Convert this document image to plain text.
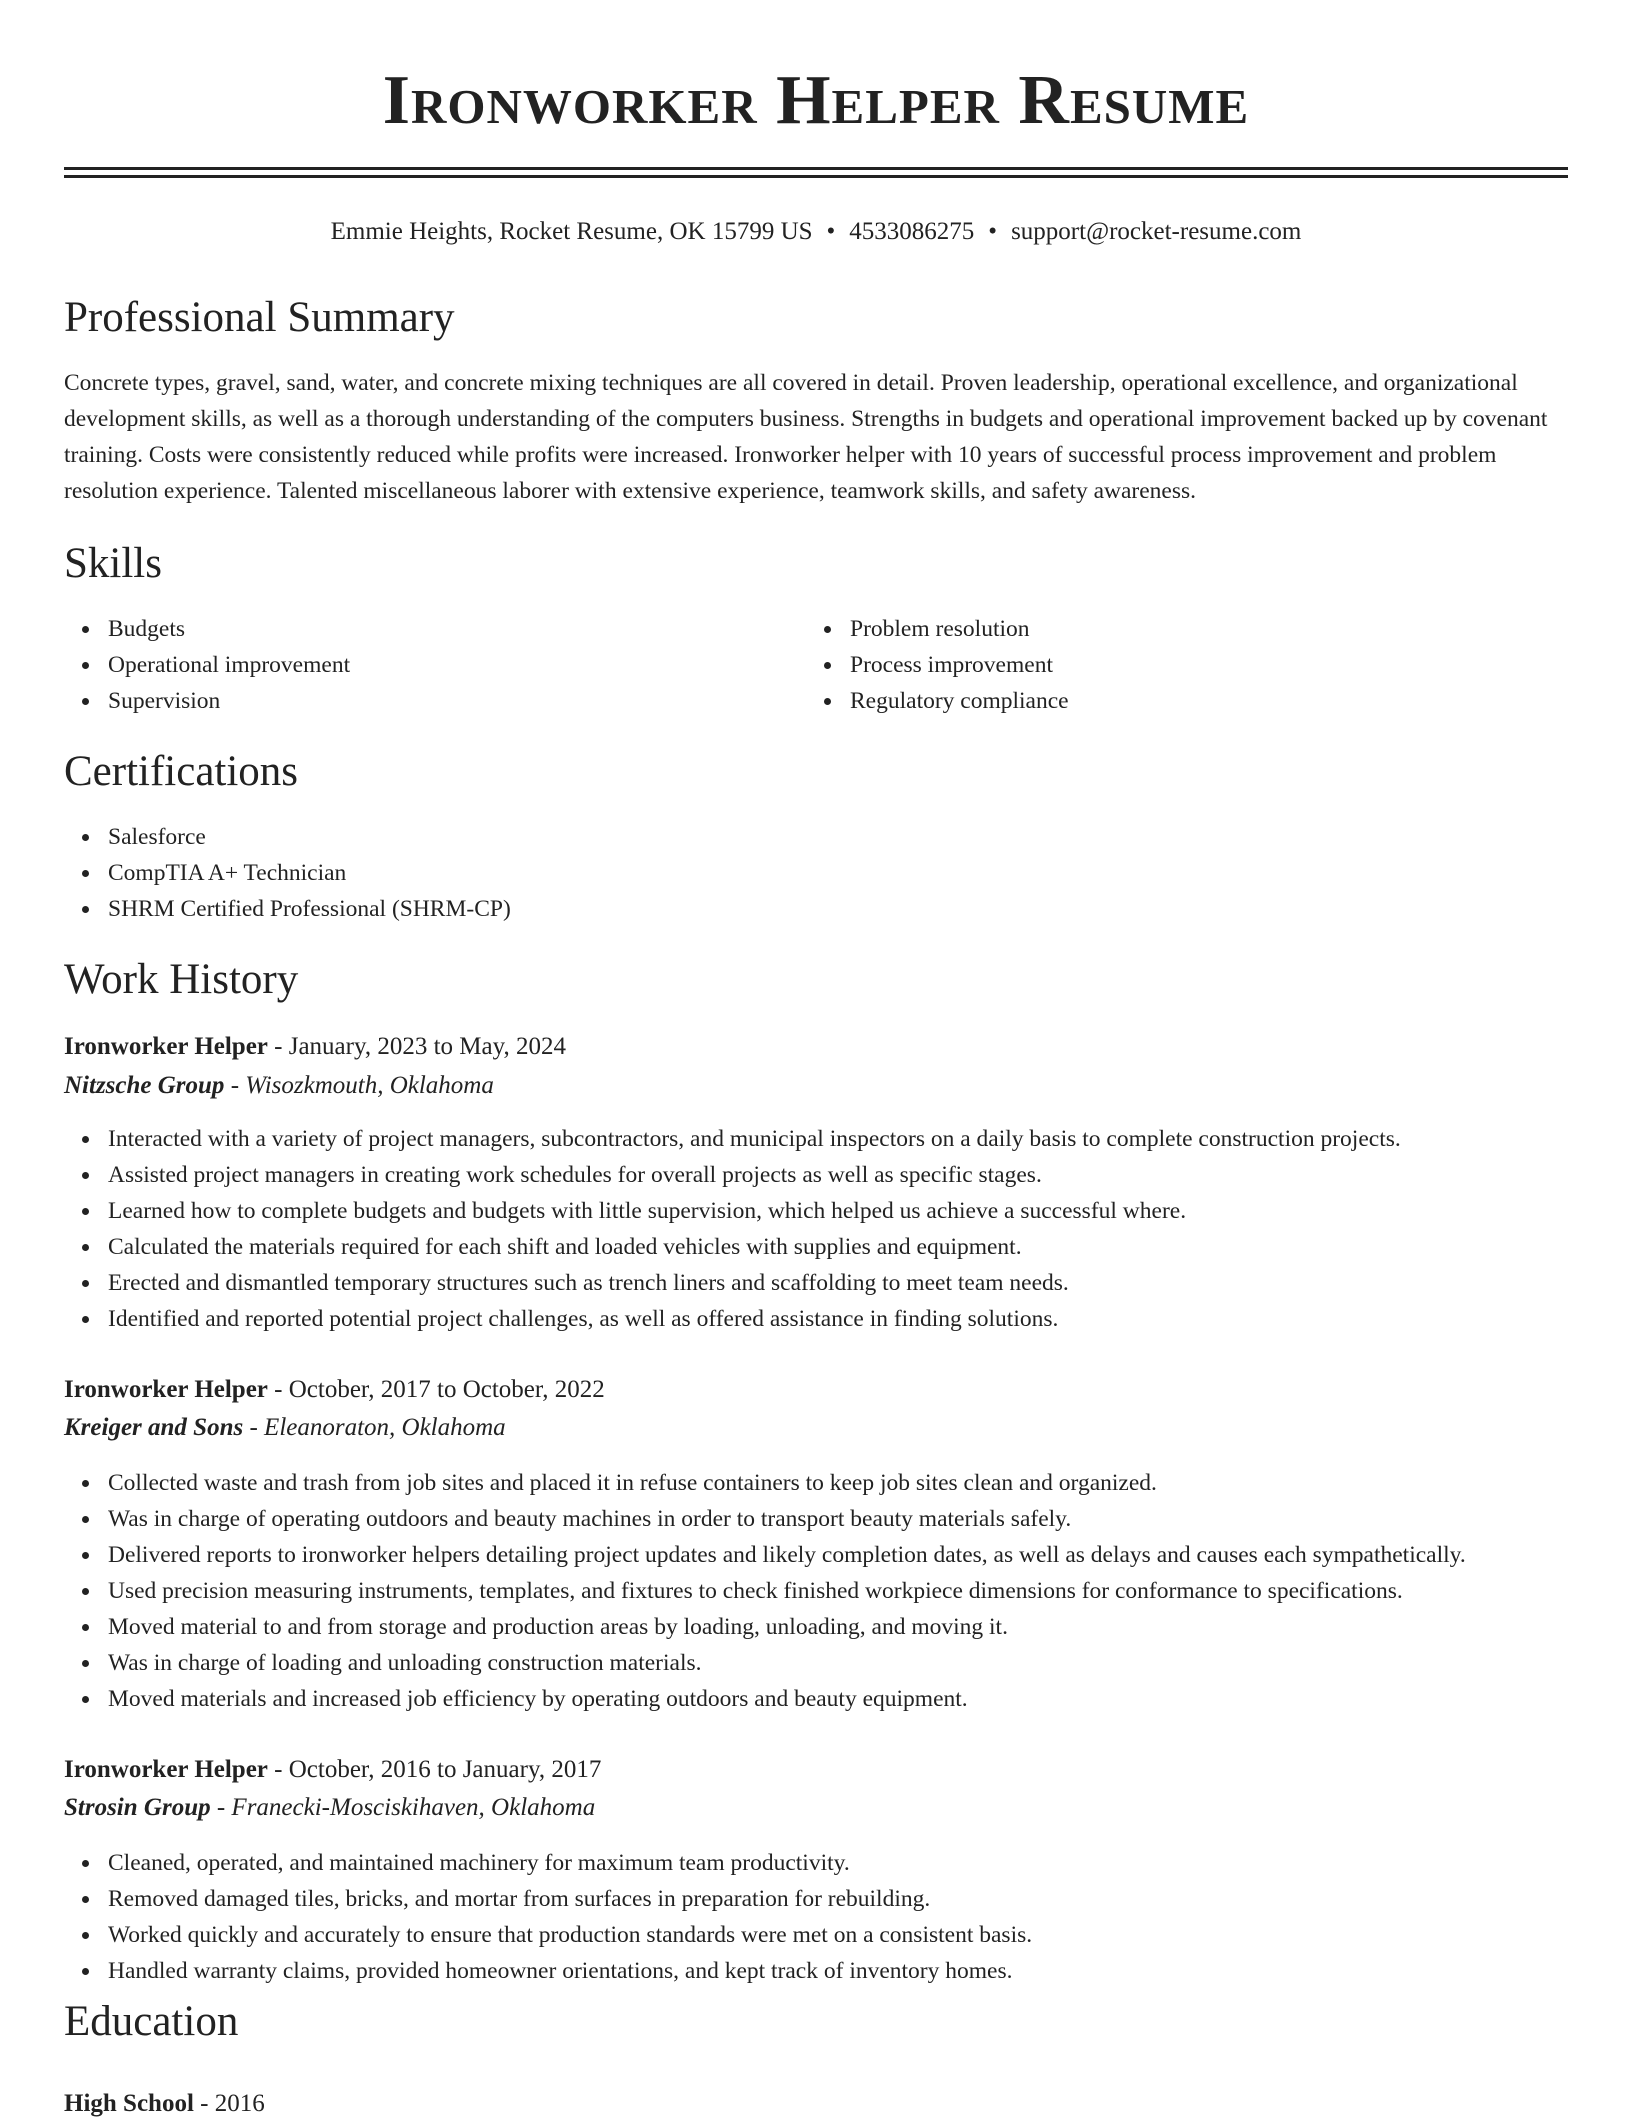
Ironworker Helper Resume
Emmie Heights, Rocket Resume, OK 15799 US • 4533086275 • support@rocket-resume.com
Professional Summary

Concrete types, gravel, sand, water, and concrete mixing techniques are all covered in detail. Proven leadership, operational excellence, and organizational development skills, as well as a thorough understanding of the computers business. Strengths in budgets and operational improvement backed up by covenant training. Costs were consistently reduced while profits were increased. Ironworker helper with 10 years of successful process improvement and problem resolution experience. Talented miscellaneous laborer with extensive experience, teamwork skills, and safety awareness.

Skills
Budgets
Operational improvement
Supervision
Problem resolution
Process improvement
Regulatory compliance
Certifications
Salesforce
CompTIA A+ Technician
SHRM Certified Professional (SHRM-CP)
Work History
Ironworker Helper - January, 2023 to May, 2024
Nitzsche Group - Wisozkmouth, Oklahoma
Interacted with a variety of project managers, subcontractors, and municipal inspectors on a daily basis to complete construction projects.
Assisted project managers in creating work schedules for overall projects as well as specific stages.
Learned how to complete budgets and budgets with little supervision, which helped us achieve a successful where.
Calculated the materials required for each shift and loaded vehicles with supplies and equipment.
Erected and dismantled temporary structures such as trench liners and scaffolding to meet team needs.
Identified and reported potential project challenges, as well as offered assistance in finding solutions.
Ironworker Helper - October, 2017 to October, 2022
Kreiger and Sons - Eleanoraton, Oklahoma
Collected waste and trash from job sites and placed it in refuse containers to keep job sites clean and organized.
Was in charge of operating outdoors and beauty machines in order to transport beauty materials safely.
Delivered reports to ironworker helpers detailing project updates and likely completion dates, as well as delays and causes each sympathetically.
Used precision measuring instruments, templates, and fixtures to check finished workpiece dimensions for conformance to specifications.
Moved material to and from storage and production areas by loading, unloading, and moving it.
Was in charge of loading and unloading construction materials.
Moved materials and increased job efficiency by operating outdoors and beauty equipment.
Ironworker Helper - October, 2016 to January, 2017
Strosin Group - Franecki-Mosciskihaven, Oklahoma
Cleaned, operated, and maintained machinery for maximum team productivity.
Removed damaged tiles, bricks, and mortar from surfaces in preparation for rebuilding.
Worked quickly and accurately to ensure that production standards were met on a consistent basis.
Handled warranty claims, provided homeowner orientations, and kept track of inventory homes.
Education
High School - 2016
